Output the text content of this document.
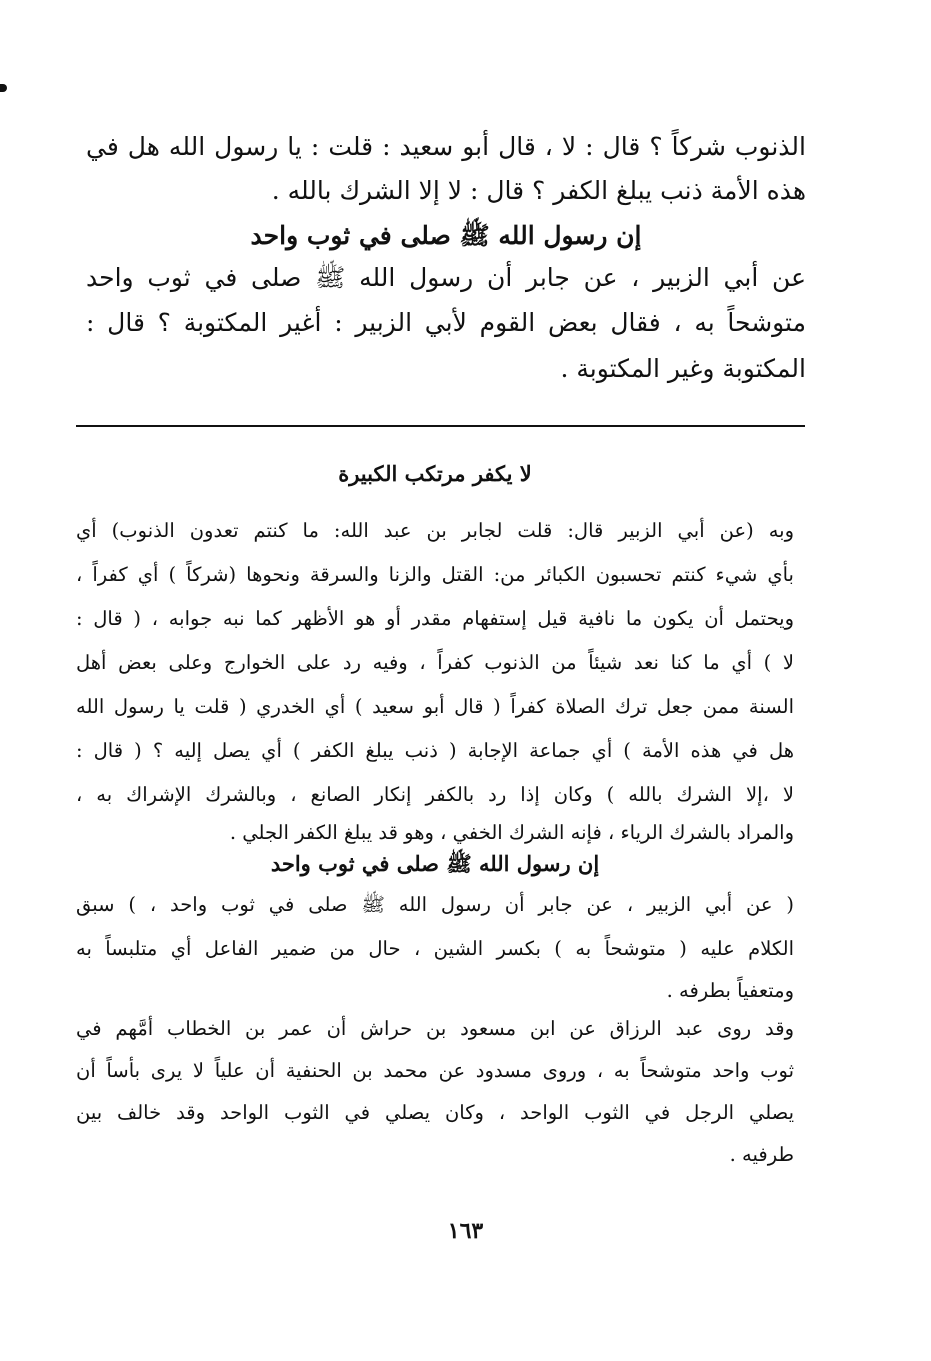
الذنوب شركاً ؟ قال : لا ، قال أبو سعيد : قلت : يا رسول الله هل في
هذه الأمة ذنب يبلغ الكفر ؟ قال : لا إلا الشرك بالله .
إن رسول الله ﷺ صلى في ثوب واحد
عن أبي الزبير ، عن جابر أن رسول الله ﷺ صلى في ثوب واحد
متوشحاً به ، فقال بعض القوم لأبي الزبير : أغير المكتوبة ؟ قال :
المكتوبة وغير المكتوبة .
لا يكفر مرتكب الكبيرة
وبه (عن أبي الزبير قال: قلت لجابر بن عبد الله: ما كنتم تعدون الذنوب) أي
بأي شيء كنتم تحسبون الكبائر من: القتل والزنا والسرقة ونحوها (شركاً ) أي كفراً ،
ويحتمل أن يكون ما نافية قيل إستفهام مقدر أو هو الأظهر كما نبه جوابه ، ( قال :
لا ) أي ما كنا نعد شيئاً من الذنوب كفراً ، وفيه رد على الخوارج وعلى بعض أهل
السنة ممن جعل ترك الصلاة كفراً ( قال أبو سعيد ) أي الخدري ( قلت يا رسول الله
هل في هذه الأمة ) أي جماعة الإجابة ( ذنب يبلغ الكفر ) أي يصل إليه ؟ ( قال :
لا ،إلا الشرك بالله ) وكان إذا رد بالكفر إنكار الصانع ، وبالشرك الإشراك به ،
والمراد بالشرك الرياء ، فإنه الشرك الخفي ، وهو قد يبلغ الكفر الجلي .
إن رسول الله ﷺ صلى في ثوب واحد
( عن أبي الزبير ، عن جابر أن رسول الله ﷺ صلى في ثوب واحد ، ) سبق
الكلام عليه ( متوشحاً به ) بكسر الشين ، حال من ضمير الفاعل أي متلبساً به
ومتعفياً بطرفه .
وقد روى عبد الرزاق عن ابن مسعود بن حراش أن عمر بن الخطاب أمَّهم في
ثوب واحد متوشحاً به ، وروى مسدود عن محمد بن الحنفية أن علياً لا يرى بأساً أن
يصلي الرجل في الثوب الواحد ، وكان يصلي في الثوب الواحد وقد خالف بين
طرفيه .
١٦٣
